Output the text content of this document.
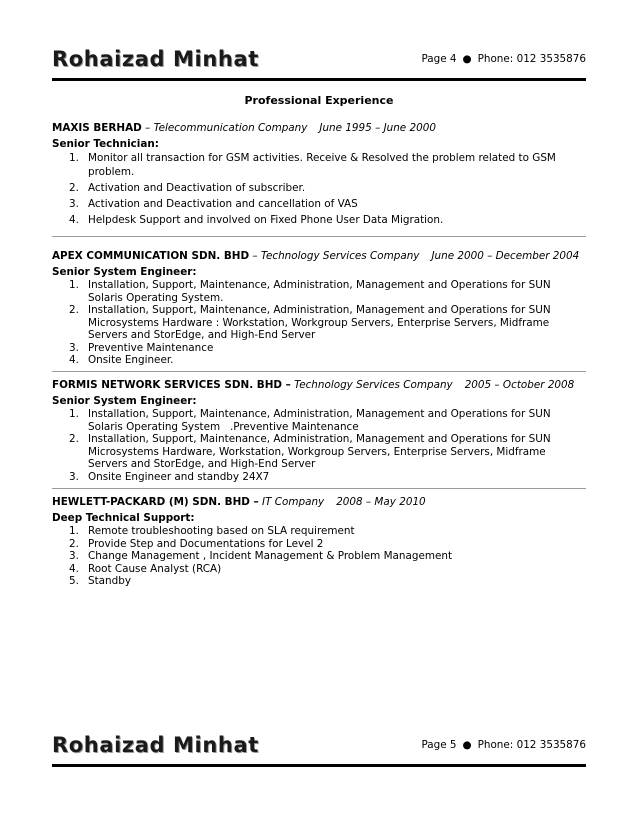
Rohaizad Minhat	Page 4 ● Phone: 012 3535876
Professional Experience
MAXIS BERHAD – Telecommunication Company June 1995 – June 2000
Senior Technician:
1. Monitor all transaction for GSM activities. Receive & Resolved the problem related to GSM problem.
2. Activation and Deactivation of subscriber.
3. Activation and Deactivation and cancellation of VAS
4. Helpdesk Support and involved on Fixed Phone User Data Migration.
APEX COMMUNICATION SDN. BHD – Technology Services Company June 2000 – December 2004
Senior System Engineer:
1. Installation, Support, Maintenance, Administration, Management and Operations for SUN Solaris Operating System.
2. Installation, Support, Maintenance, Administration, Management and Operations for SUN Microsystems Hardware : Workstation, Workgroup Servers, Enterprise Servers, Midframe Servers and StorEdge, and High-End Server
3. Preventive Maintenance
4. Onsite Engineer.
FORMIS NETWORK SERVICES SDN. BHD – Technology Services Company 2005 – October 2008
Senior System Engineer:
1. Installation, Support, Maintenance, Administration, Management and Operations for SUN Solaris Operating System   .Preventive Maintenance
2. Installation, Support, Maintenance, Administration, Management and Operations for SUN Microsystems Hardware, Workstation, Workgroup Servers, Enterprise Servers, Midframe Servers and StorEdge, and High-End Server
3. Onsite Engineer and standby 24X7
HEWLETT-PACKARD (M) SDN. BHD – IT Company 2008 – May 2010
Deep Technical Support:
1. Remote troubleshooting based on SLA requirement
2. Provide Step and Documentations for Level 2
3. Change Management , Incident Management & Problem Management
4. Root Cause Analyst (RCA)
5. Standby
Rohaizad Minhat	Page 5 ● Phone: 012 3535876
